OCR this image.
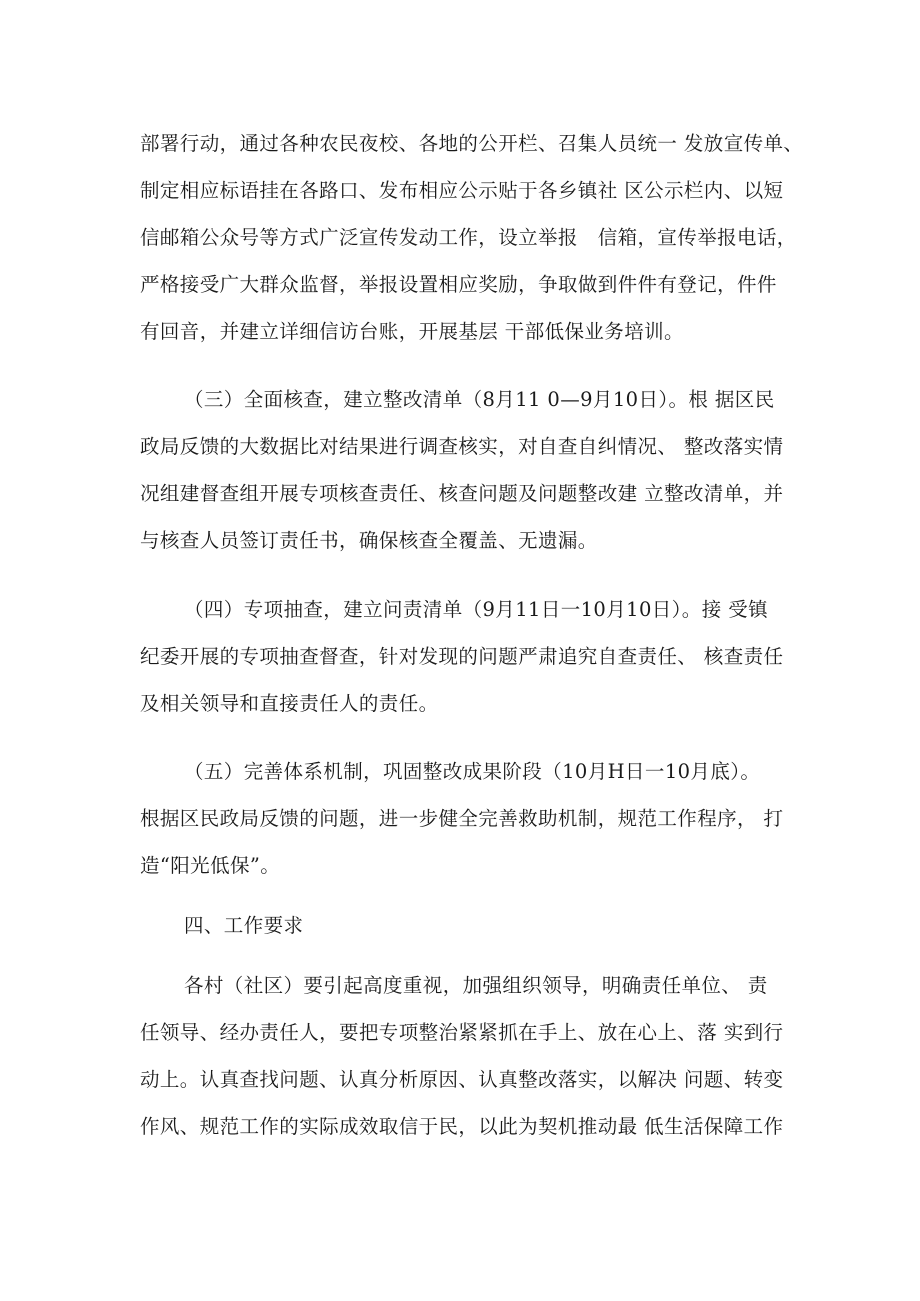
部署行动，通过各种农民夜校、各地的公开栏、召集人员统一 发放宣传单、
制定相应标语挂在各路口、发布相应公示贴于各乡镇社 区公示栏内、以短
信邮箱公众号等方式广泛宣传发动工作，设立举报　信箱，宣传举报电话，
严格接受广大群众监督，举报设置相应奖励，争取做到件件有登记，件件
有回音，并建立详细信访台账，开展基层 干部低保业务培训。
（三）全面核查，建立整改清单（8月11 0—9月10日）。根 据区民
政局反馈的大数据比对结果进行调查核实，对自查自纠情况、 整改落实情
况组建督查组开展专项核查责任、核查问题及问题整改建 立整改清单，并
与核查人员签订责任书，确保核查全覆盖、无遗漏。
（四）专项抽查，建立问责清单（9月11日一10月10日）。接 受镇
纪委开展的专项抽查督查，针对发现的问题严肃追究自查责任、 核查责任
及相关领导和直接责任人的责任。
（五）完善体系机制，巩固整改成果阶段（10月H日一10月底）。
根据区民政局反馈的问题，进一步健全完善救助机制，规范工作程序， 打
造“阳光低保”。
四、工作要求
各村（社区）要引起高度重视，加强组织领导，明确责任单位、 责
任领导、经办责任人，要把专项整治紧紧抓在手上、放在心上、落 实到行
动上。认真查找问题、认真分析原因、认真整改落实，以解决 问题、转变
作风、规范工作的实际成效取信于民，以此为契机推动最 低生活保障工作
